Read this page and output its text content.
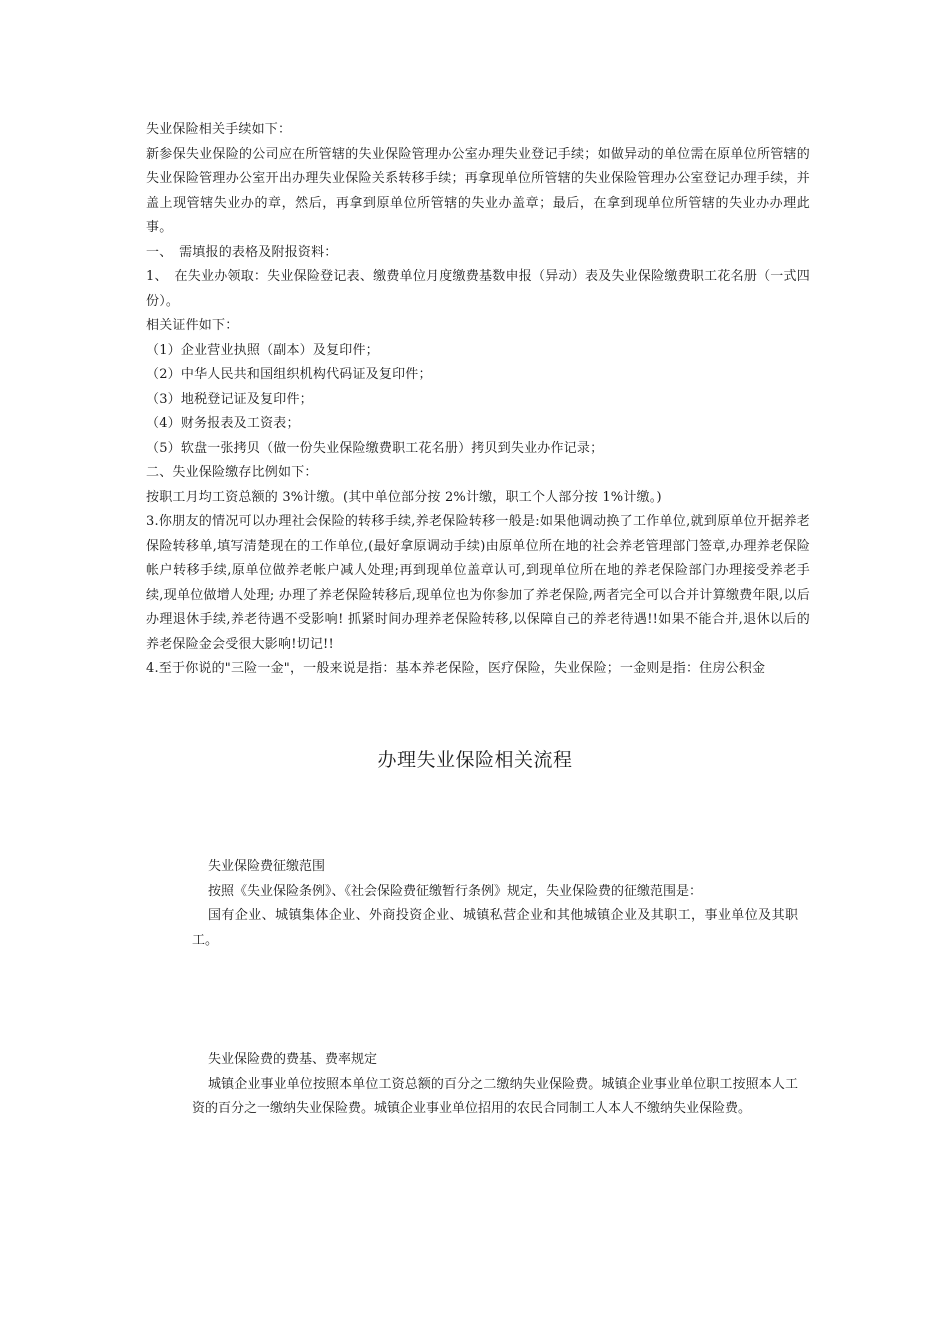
失业保险相关手续如下：

新参保失业保险的公司应在所管辖的失业保险管理办公室办理失业登记手续；如做异动的单位需在原单位所管辖的失业保险管理办公室开出办理失业保险关系转移手续；再拿现单位所管辖的失业保险管理办公室登记办理手续，并盖上现管辖失业办的章，然后，再拿到原单位所管辖的失业办盖章；最后，在拿到现单位所管辖的失业办办理此事。

一、　需填报的表格及附报资料：

1、　在失业办领取：失业保险登记表、缴费单位月度缴费基数申报（异动）表及失业保险缴费职工花名册（一式四份）。

相关证件如下：

（1）企业营业执照（副本）及复印件；

（2）中华人民共和国组织机构代码证及复印件；

（3）地税登记证及复印件；

（4）财务报表及工资表；

（5）软盘一张拷贝（做一份失业保险缴费职工花名册）拷贝到失业办作记录；

二、失业保险缴存比例如下：

按职工月均工资总额的 3%计缴。(其中单位部分按 2%计缴，职工个人部分按 1%计缴。)

3.你朋友的情况可以办理社会保险的转移手续,养老保险转移一般是:如果他调动换了工作单位,就到原单位开据养老保险转移单,填写清楚现在的工作单位,(最好拿原调动手续)由原单位所在地的社会养老管理部门签章,办理养老保险帐户转移手续,原单位做养老帐户减人处理;再到现单位盖章认可,到现单位所在地的养老保险部门办理接受养老手续,现单位做增人处理; 办理了养老保险转移后,现单位也为你参加了养老保险,两者完全可以合并计算缴费年限,以后办理退休手续,养老待遇不受影响! 抓紧时间办理养老保险转移,以保障自己的养老待遇!!如果不能合并,退休以后的养老保险金会受很大影响!切记!!

4.至于你说的"三险一金"，一般来说是指：基本养老保险，医疗保险，失业保险；一金则是指：住房公积金

办理失业保险相关流程

失业保险费征缴范围

按照《失业保险条例》、《社会保险费征缴暂行条例》规定，失业保险费的征缴范围是：

国有企业、城镇集体企业、外商投资企业、城镇私营企业和其他城镇企业及其职工，事业单位及其职工。

失业保险费的费基、费率规定

城镇企业事业单位按照本单位工资总额的百分之二缴纳失业保险费。城镇企业事业单位职工按照本人工资的百分之一缴纳失业保险费。城镇企业事业单位招用的农民合同制工人本人不缴纳失业保险费。
